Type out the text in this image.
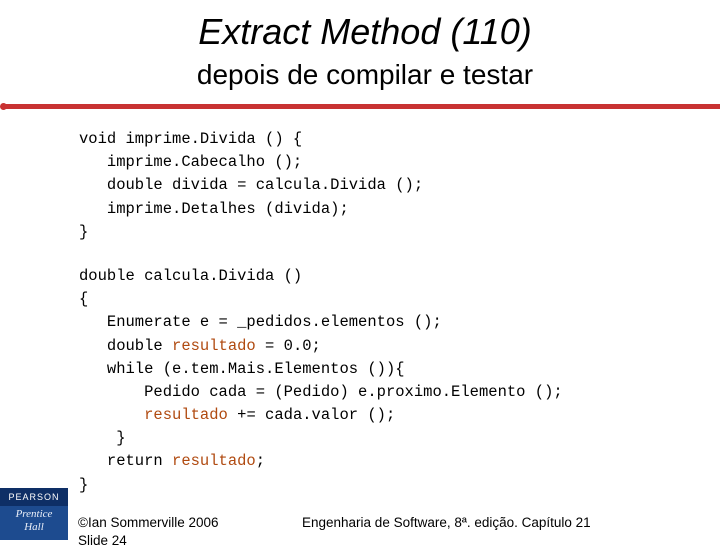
Extract Method (110)
depois de compilar e testar
void imprime.Divida () {
imprime.Cabecalho ();
double divida = calcula.Divida ();
imprime.Detalhes (divida);
}
double calcula.Divida ()
{
Enumerate e = _pedidos.elementos ();
double resultado = 0.0;
while (e.tem.Mais.Elementos ()){
Pedido cada = (Pedido) e.proximo.Elemento ();
resultado += cada.valor ();
}
return resultado;
}
PEARSON
Prentice
Hall	©Ian Sommerville 2006
Slide 24
Engenharia de Software, 8ª. edição. Capítulo 21
